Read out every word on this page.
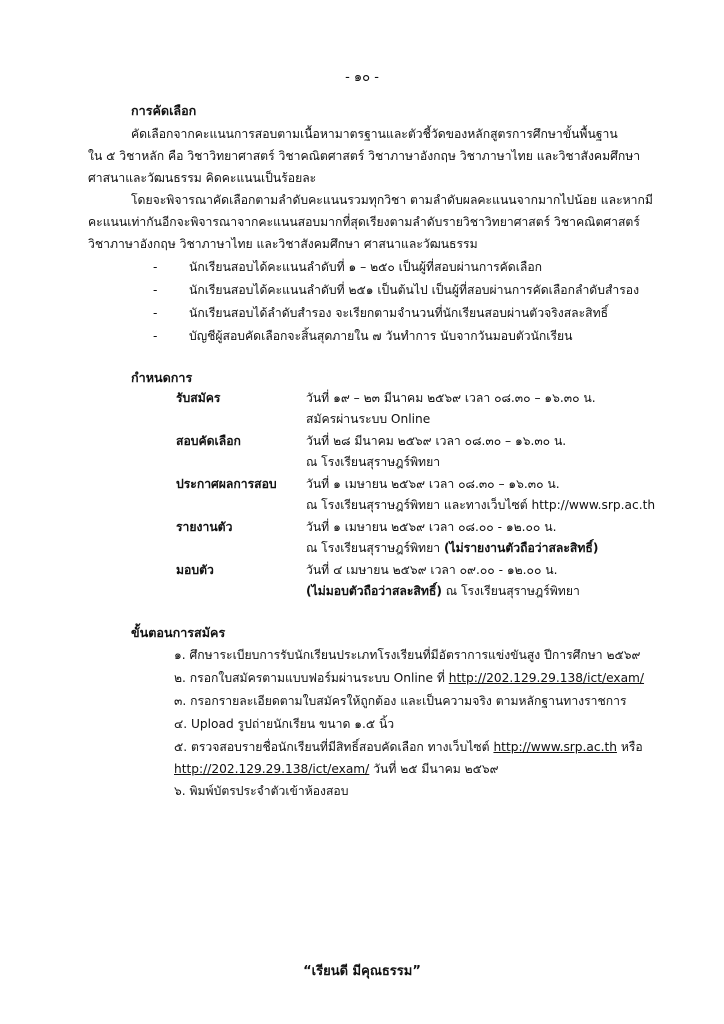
- ๑๐ -
การคัดเลือก
คัดเลือกจากคะแนนการสอบตามเนื้อหามาตรฐานและตัวชี้วัดของหลักสูตรการศึกษาขั้นพื้นฐาน
ใน ๕ วิชาหลัก คือ วิชาวิทยาศาสตร์ วิชาคณิตศาสตร์ วิชาภาษาอังกฤษ วิชาภาษาไทย และวิชาสังคมศึกษา
ศาสนาและวัฒนธรรม คิดคะแนนเป็นร้อยละ
โดยจะพิจารณาคัดเลือกตามลำดับคะแนนรวมทุกวิชา ตามลำดับผลคะแนนจากมากไปน้อย และหากมี
คะแนนเท่ากันอีกจะพิจารณาจากคะแนนสอบมากที่สุดเรียงตามลำดับรายวิชาวิทยาศาสตร์ วิชาคณิตศาสตร์
วิชาภาษาอังกฤษ วิชาภาษาไทย และวิชาสังคมศึกษา ศาสนาและวัฒนธรรม
-	นักเรียนสอบได้คะแนนลำดับที่ ๑ – ๒๕๐ เป็นผู้ที่สอบผ่านการคัดเลือก
-	นักเรียนสอบได้คะแนนลำดับที่ ๒๕๑ เป็นต้นไป เป็นผู้ที่สอบผ่านการคัดเลือกลำดับสำรอง
-	นักเรียนสอบได้ลำดับสำรอง จะเรียกตามจำนวนที่นักเรียนสอบผ่านตัวจริงสละสิทธิ์
-	บัญชีผู้สอบคัดเลือกจะสิ้นสุดภายใน ๗ วันทำการ นับจากวันมอบตัวนักเรียน
กำหนดการ
รับสมัคร	วันที่ ๑๙ – ๒๓ มีนาคม ๒๕๖๙ เวลา ๐๘.๓๐ – ๑๖.๓๐ น.
สมัครผ่านระบบ Online
สอบคัดเลือก	วันที่ ๒๘ มีนาคม ๒๕๖๙ เวลา ๐๘.๓๐ – ๑๖.๓๐ น.
ณ โรงเรียนสุราษฎร์พิทยา
ประกาศผลการสอบ วันที่ ๑ เมษายน ๒๕๖๙ เวลา ๐๘.๓๐ – ๑๖.๓๐ น.
ณ โรงเรียนสุราษฎร์พิทยา และทางเว็บไซต์ http://www.srp.ac.th
รายงานตัว	วันที่ ๑ เมษายน ๒๕๖๙ เวลา ๐๘.๐๐ - ๑๒.๐๐ น.
ณ โรงเรียนสุราษฎร์พิทยา (ไม่รายงานตัวถือว่าสละสิทธิ์)
มอบตัว	วันที่ ๔ เมษายน ๒๕๖๙ เวลา ๐๙.๐๐ - ๑๒.๐๐ น.
(ไม่มอบตัวถือว่าสละสิทธิ์) ณ โรงเรียนสุราษฎร์พิทยา
ขั้นตอนการสมัคร
๑. ศึกษาระเบียบการรับนักเรียนประเภทโรงเรียนที่มีอัตราการแข่งขันสูง ปีการศึกษา ๒๕๖๙
๒. กรอกใบสมัครตามแบบฟอร์มผ่านระบบ Online ที่ http://202.129.29.138/ict/exam/
๓. กรอกรายละเอียดตามใบสมัครให้ถูกต้อง และเป็นความจริง ตามหลักฐานทางราชการ
๔. Upload รูปถ่ายนักเรียน ขนาด ๑.๕ นิ้ว
๕. ตรวจสอบรายชื่อนักเรียนที่มีสิทธิ์สอบคัดเลือก ทางเว็บไซต์ http://www.srp.ac.th หรือ
http://202.129.29.138/ict/exam/ วันที่ ๒๕ มีนาคม ๒๕๖๙
๖. พิมพ์บัตรประจำตัวเข้าห้องสอบ
“เรียนดี มีคุณธรรม”
